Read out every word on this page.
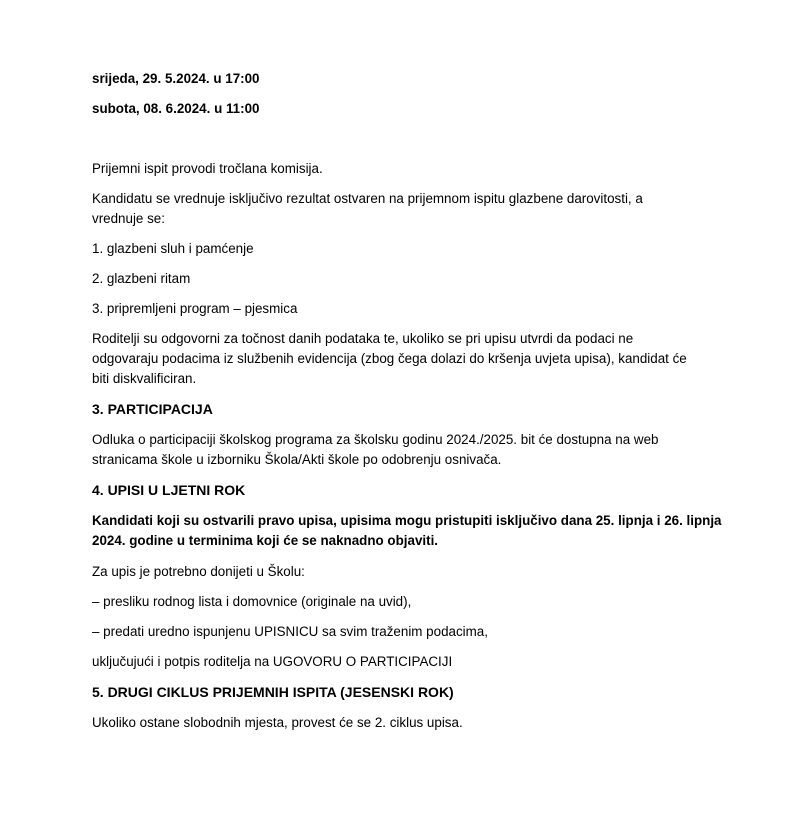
srijeda, 29. 5.2024. u 17:00

subota, 08. 6.2024. u 11:00

Prijemni ispit provodi tročlana komisija.

Kandidatu se vrednuje isključivo rezultat ostvaren na prijemnom ispitu glazbene darovitosti, a

vrednuje se:

1. glazbeni sluh i pamćenje

2. glazbeni ritam

3. pripremljeni program – pjesmica

Roditelji su odgovorni za točnost danih podataka te, ukoliko se pri upisu utvrdi da podaci ne

odgovaraju podacima iz službenih evidencija (zbog čega dolazi do kršenja uvjeta upisa), kandidat će

biti diskvalificiran.

3. PARTICIPACIJA

Odluka o participaciji školskog programa za školsku godinu 2024./2025. bit će dostupna na web

stranicama škole u izborniku Škola/Akti škole po odobrenju osnivača.

4. UPISI U LJETNI ROK

Kandidati koji su ostvarili pravo upisa, upisima mogu pristupiti isključivo dana 25. lipnja i 26. lipnja

2024. godine u terminima koji će se naknadno objaviti.

Za upis je potrebno donijeti u Školu:

– presliku rodnog lista i domovnice (originale na uvid),

– predati uredno ispunjenu UPISNICU sa svim traženim podacima,

uključujući i potpis roditelja na UGOVORU O PARTICIPACIJI

5. DRUGI CIKLUS PRIJEMNIH ISPITA (JESENSKI ROK)

Ukoliko ostane slobodnih mjesta, provest će se 2. ciklus upisa.
